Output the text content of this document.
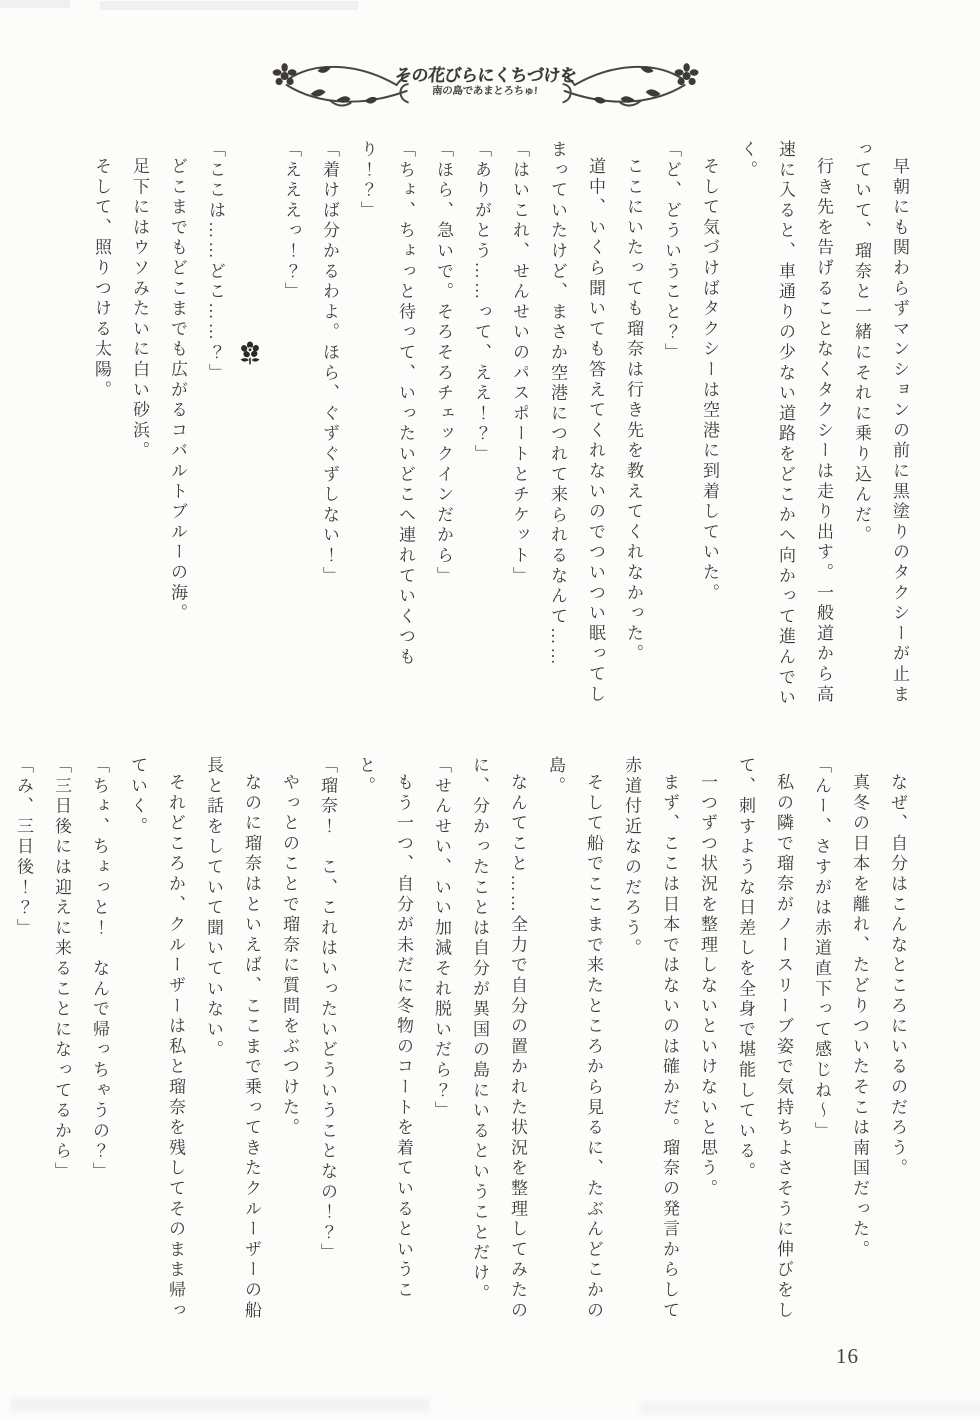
その花びらにくちづけを
南の島であまとろちゅ!

早朝にも関わらずマンションの前に黒塗りのタクシーが止まっていて、瑠奈と一緒にそれに乗り込んだ。

行き先を告げることなくタクシーは走り出す。一般道から高速に入ると、車通りの少ない道路をどこかへ向かって進んでいく。

そして気づけばタクシーは空港に到着していた。

「ど、どういうこと？」

ここにいたっても瑠奈は行き先を教えてくれなかった。

道中、いくら聞いても答えてくれないのでついつい眠ってしまっていたけど、まさか空港につれて来られるなんて……

「はいこれ、せんせいのパスポートとチケット」

「ありがとう……って、ええ！？」

「ほら、急いで。そろそろチェックインだから」

「ちょ、ちょっと待って、いったいどこへ連れていくつもり！？」

「着けば分かるわよ。ほら、ぐずぐずしない！」

「えええっ！？」

「ここは……どこ……？」

どこまでもどこまでも広がるコバルトブルーの海。

足下にはウソみたいに白い砂浜。

そして、照りつける太陽。

なぜ、自分はこんなところにいるのだろう。

真冬の日本を離れ、たどりついたそこは南国だった。

「んー、さすがは赤道直下って感じね〜」

私の隣で瑠奈がノースリーブ姿で気持ちよさそうに伸びをして、刺すような日差しを全身で堪能している。

一つずつ状況を整理しないといけないと思う。

まず、ここは日本ではないのは確かだ。瑠奈の発言からして赤道付近なのだろう。

そして船でここまで来たところから見るに、たぶんどこかの島。

なんてこと……全力で自分の置かれた状況を整理してみたのに、分かったことは自分が異国の島にいるということだけ。

「せんせい、いい加減それ脱いだら？」

もう一つ、自分が未だに冬物のコートを着ているということ。

「瑠奈！　こ、これはいったいどういうことなの！？」

やっとのことで瑠奈に質問をぶつけた。

なのに瑠奈はといえば、ここまで乗ってきたクルーザーの船長と話をしていて聞いていない。

それどころか、クルーザーは私と瑠奈を残してそのまま帰っていく。

「ちょ、ちょっと！　なんで帰っちゃうの？」

「三日後には迎えに来ることになってるから」

「み、三日後！？」

16
